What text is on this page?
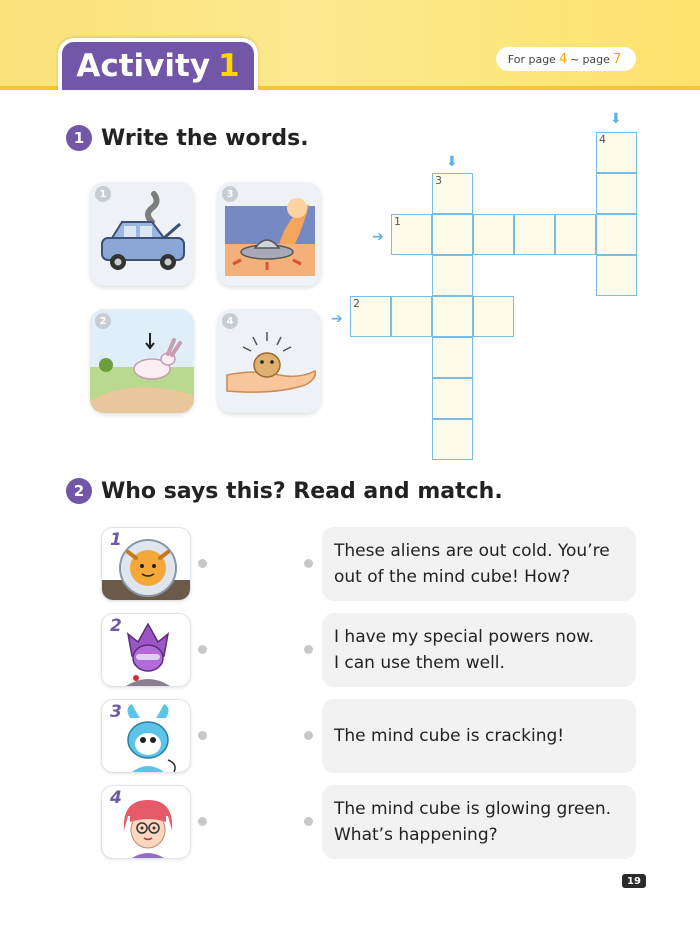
Activity 1	For page 4 ~ page 7
1 Write the words.
1	3
2	4
➔
➔
⬇
⬇
4
3
1
2
2 Who says this? Read and match.
1
2
3
4
These aliens are out cold. You’re
out of the mind cube! How?
I have my special powers now.
I can use them well.
The mind cube is cracking!
The mind cube is glowing green.
What’s happening?
19
